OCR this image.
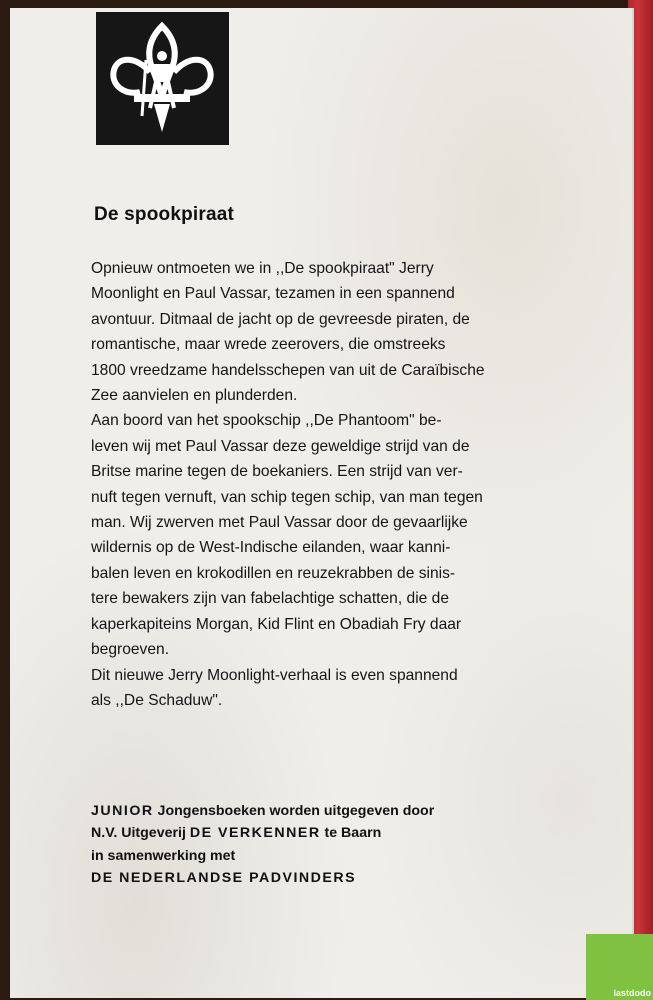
De spookpiraat
Opnieuw ontmoeten we in ,,De spookpiraat" Jerry
Moonlight en Paul Vassar, tezamen in een spannend
avontuur. Ditmaal de jacht op de gevreesde piraten, de
romantische, maar wrede zeerovers, die omstreeks
1800 vreedzame handelsschepen van uit de Caraïbische
Zee aanvielen en plunderden.
Aan boord van het spookschip ,,De Phantoom" be-
leven wij met Paul Vassar deze geweldige strijd van de
Britse marine tegen de boekaniers. Een strijd van ver-
nuft tegen vernuft, van schip tegen schip, van man tegen
man. Wij zwerven met Paul Vassar door de gevaarlijke
wildernis op de West-Indische eilanden, waar kanni-
balen leven en krokodillen en reuzekrabben de sinis-
tere bewakers zijn van fabelachtige schatten, die de
kaperkapiteins Morgan, Kid Flint en Obadiah Fry daar
begroeven.
Dit nieuwe Jerry Moonlight-verhaal is even spannend
als ,,De Schaduw".
JUNIOR Jongensboeken worden uitgegeven door
N.V. Uitgeverij DE VERKENNER te Baarn
in samenwerking met
DE NEDERLANDSE PADVINDERS
lastdodo
